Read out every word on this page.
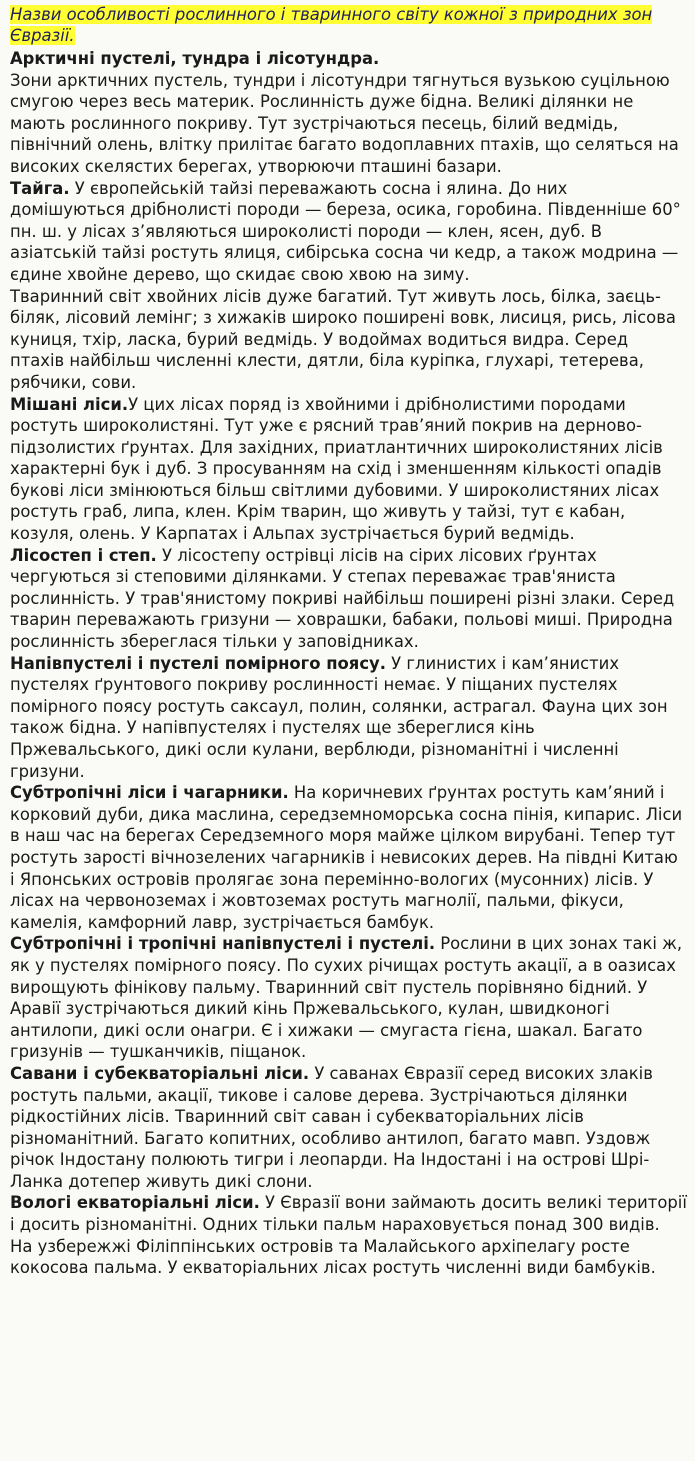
Назви особливості рослинного і тваринного світу кожної з природних зон Євразії.

Арктичні пустелі, тундра і лісотундра.

Зони арктичних пустель, тундри і лісотундри тягнуться вузькою суцільною смугою через весь материк. Рослинність дуже бідна. Великі ділянки не мають рослинного покриву. Тут зустрічаються песець, білий ведмідь, північний олень, влітку прилітає багато водоплавних птахів, що селяться на високих скелястих берегах, утворюючи пташині базари.

Тайга. У європейській тайзі переважають сосна і ялина. До них домішуються дрібнолисті породи — береза, осика, горобина. Південніше 60° пн. ш. у лісах з’являються широколисті породи — клен, ясен, дуб. В азіатській тайзі ростуть ялиця, сибірська сосна чи кедр, а також модрина — єдине хвойне дерево, що скидає свою хвою на зиму.

Тваринний світ хвойних лісів дуже багатий. Тут живуть лось, білка, заєць-біляк, лісовий лемінг; з хижаків широко поширені вовк, лисиця, рись, лісова куниця, тхір, ласка, бурий ведмідь. У водоймах водиться видра. Серед птахів найбільш численні клести, дятли, біла куріпка, глухарі, тетерева, рябчики, сови.

Мішані ліси.У цих лісах поряд із хвойними і дрібнолистими породами ростуть широколистяні. Тут уже є рясний трав’яний покрив на дерново-підзолистих ґрунтах. Для західних, приатлантичних широколистяних лісів характерні бук і дуб. З просуванням на схід і зменшенням кількості опадів букові ліси змінюються більш світлими дубовими. У широколистяних лісах ростуть граб, липа, клен. Крім тварин, що живуть у тайзі, тут є кабан, козуля, олень. У Карпатах і Альпах зустрічається бурий ведмідь.

Лісостеп і степ. У лісостепу острівці лісів на сірих лісових ґрунтах чергуються зі степовими ділянками. У степах переважає трав'яниста рослинність. У трав'янистому покриві найбільш поширені різні злаки. Серед тварин переважають гризуни — ховрашки, бабаки, польові миші. Природна рослинність збереглася тільки у заповідниках.

Напівпустелі і пустелі помірного поясу. У глинистих і кам’янистих пустелях ґрунтового покриву рослинності немає. У піщаних пустелях помірного поясу ростуть саксаул, полин, солянки, астрагал. Фауна цих зон також бідна. У напівпустелях і пустелях ще збереглися кінь Пржевальського, дикі осли кулани, верблюди, різноманітні і численні гризуни.

Субтропічні ліси і чагарники. На коричневих ґрунтах ростуть кам’яний і корковий дуби, дика маслина, середземноморська сосна пінія, кипарис. Ліси в наш час на берегах Середземного моря майже цілком вирубані. Тепер тут ростуть зарості вічнозелених чагарників і невисоких дерев. На півдні Китаю і Японських островів пролягає зона перемінно-вологих (мусонних) лісів. У лісах на червоноземах і жовтоземах ростуть магнолії, пальми, фікуси, камелія, камфорний лавр, зустрічається бамбук.

Субтропічні і тропічні напівпустелі і пустелі. Рослини в цих зонах такі ж, як у пустелях помірного поясу. По сухих річищах ростуть акації, а в оазисах вирощують фінікову пальму. Тваринний світ пустель порівняно бідний. У Аравії зустрічаються дикий кінь Пржевальського, кулан, швидконогі антилопи, дикі осли онагри. Є і хижаки — смугаста гієна, шакал. Багато гризунів — тушканчиків, піщанок.

Савани і субекваторіальні ліси. У саванах Євразії серед високих злаків ростуть пальми, акації, тикове і салове дерева. Зустрічаються ділянки рідкостійних лісів. Тваринний світ саван і субекваторіальних лісів різноманітний. Багато копитних, особливо антилоп, багато мавп. Уздовж річок Індостану полюють тигри і леопарди. На Індостані і на острові Шрі-Ланка дотепер живуть дикі слони.

Вологі екваторіальні ліси. У Євразії вони займають досить великі території і досить різноманітні. Одних тільки пальм нараховується понад 300 видів. На узбережжі Філіппінських островів та Малайського архіпелагу росте кокосова пальма. У екваторіальних лісах ростуть численні види бамбуків.
